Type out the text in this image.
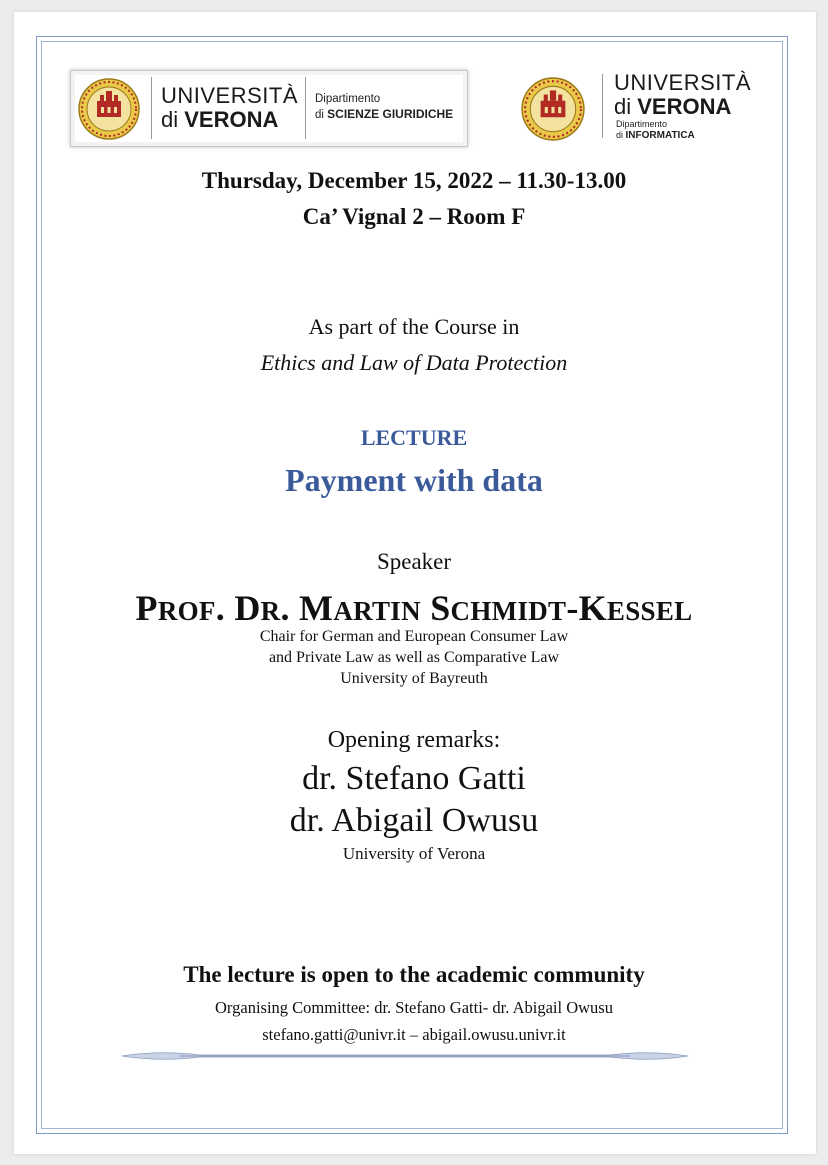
UNIVERSITÀ
di VERONA
Dipartimento
di SCIENZE GIURIDICHE
UNIVERSITÀ
di VERONA
Dipartimento
di INFORMATICA
Thursday, December 15, 2022 – 11.30-13.00
Ca’ Vignal 2 – Room F
As part of the Course in
Ethics and Law of Data Protection
LECTURE
Payment with data
Speaker
PROF. DR. MARTIN SCHMIDT-KESSEL
Chair for German and European Consumer Law
and Private Law as well as Comparative Law
University of Bayreuth
Opening remarks:
dr. Stefano Gatti
dr. Abigail Owusu
University of Verona
The lecture is open to the academic community
Organising Committee: dr. Stefano Gatti- dr. Abigail Owusu
stefano.gatti@univr.it – abigail.owusu.univr.it
